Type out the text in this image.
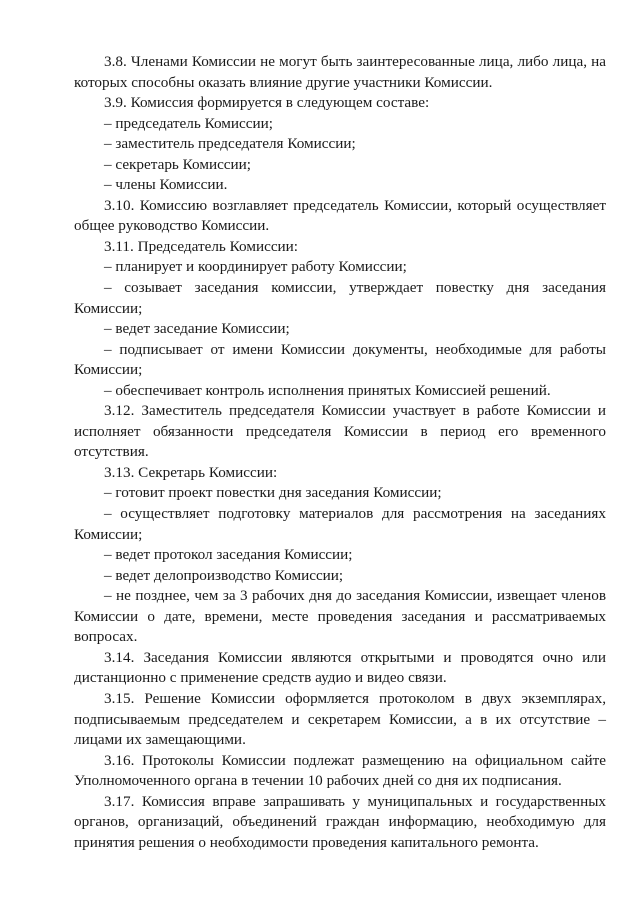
3.8. Членами Комиссии не могут быть заинтересованные лица, либо лица, на которых способны оказать влияние другие участники Комиссии.

3.9. Комиссия формируется в следующем составе:

– председатель Комиссии;

– заместитель председателя Комиссии;

– секретарь Комиссии;

– члены Комиссии.

3.10. Комиссию возглавляет председатель Комиссии, который осуществляет общее руководство Комиссии.

3.11. Председатель Комиссии:

– планирует и координирует работу Комиссии;

– созывает заседания комиссии, утверждает повестку дня заседания Комиссии;

– ведет заседание Комиссии;

– подписывает от имени Комиссии документы, необходимые для работы Комиссии;

– обеспечивает контроль исполнения принятых Комиссией решений.

3.12. Заместитель председателя Комиссии участвует в работе Комиссии и исполняет обязанности председателя Комиссии в период его временного отсутствия.

3.13. Секретарь Комиссии:

– готовит проект повестки дня заседания Комиссии;

– осуществляет подготовку материалов для рассмотрения на заседаниях Комиссии;

– ведет протокол заседания Комиссии;

– ведет делопроизводство Комиссии;

– не позднее, чем за 3 рабочих дня до заседания Комиссии, извещает членов Комиссии о дате, времени, месте проведения заседания и рассматриваемых вопросах.

3.14. Заседания Комиссии являются открытыми и проводятся очно или дистанционно с применение средств аудио и видео связи.

3.15. Решение Комиссии оформляется протоколом в двух экземплярах, подписываемым председателем и секретарем Комиссии, а в их отсутствие – лицами их замещающими.

3.16. Протоколы Комиссии подлежат размещению на официальном сайте Уполномоченного органа в течении 10 рабочих дней со дня их подписания.

3.17. Комиссия вправе запрашивать у муниципальных и государственных органов, организаций, объединений граждан информацию, необходимую для принятия решения о необходимости проведения капитального ремонта.
